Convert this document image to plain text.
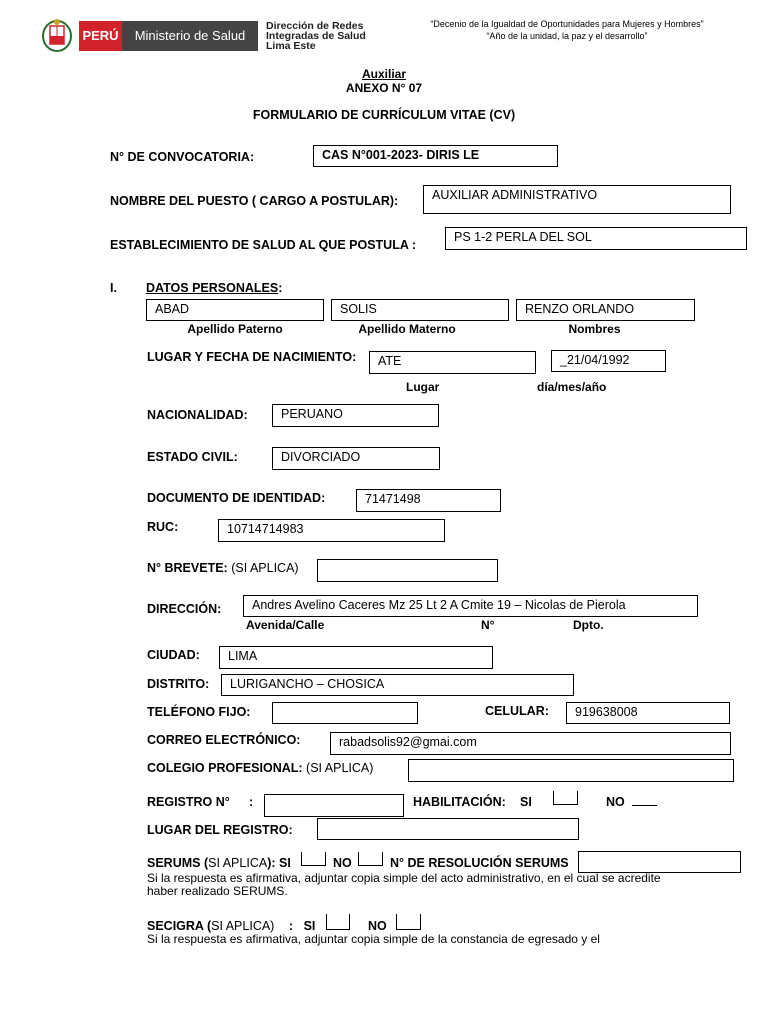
PERÚ	Ministerio de Salud
Dirección de Redes
Integradas de Salud
Lima Este
“Decenio de la Igualdad de Oportunidades para Mujeres y Hombres”
“Año de la unidad, la paz y el desarrollo”
Auxiliar
ANEXO N° 07
FORMULARIO DE CURRÍCULUM VITAE (CV)
N° DE CONVOCATORIA:	CAS N°001-2023- DIRIS LE
NOMBRE DEL PUESTO ( CARGO A POSTULAR):	AUXILIAR ADMINISTRATIVO
ESTABLECIMIENTO DE SALUD AL QUE POSTULA :
PS 1-2 PERLA DEL SOL
I. DATOS PERSONALES:
ABAD	SOLIS	RENZO ORLANDO
Apellido Paterno	Apellido Materno	Nombres
LUGAR Y FECHA DE NACIMIENTO:	ATE	_21/04/1992
Lugar	día/mes/año
NACIONALIDAD:	PERUANO
ESTADO CIVIL:	DIVORCIADO
DOCUMENTO DE IDENTIDAD:	71471498
RUC:	10714714983
N° BREVETE: (SI APLICA)
DIRECCIÓN:	Andres Avelino Caceres Mz 25 Lt 2 A Cmite 19 – Nicolas de Pierola
Avenida/Calle	N°	Dpto.
CIUDAD:	LIMA
DISTRITO:	LURIGANCHO – CHOSICA
TELÉFONO FIJO:	CELULAR:	919638008
CORREO ELECTRÓNICO:	rabadsolis92@gmai.com
COLEGIO PROFESIONAL: (SI APLICA)
REGISTRO N° :	HABILITACIÓN: SI	NO
LUGAR DEL REGISTRO:
SERUMS (SI APLICA): SI	NO	N° DE RESOLUCIÓN SERUMS
Si la respuesta es afirmativa, adjuntar copia simple del acto administrativo, en el cual se acredite haber realizado SERUMS.
SECIGRA (SI APLICA) :   SI	NO
Si la respuesta es afirmativa, adjuntar copia simple de la constancia de egresado y el
